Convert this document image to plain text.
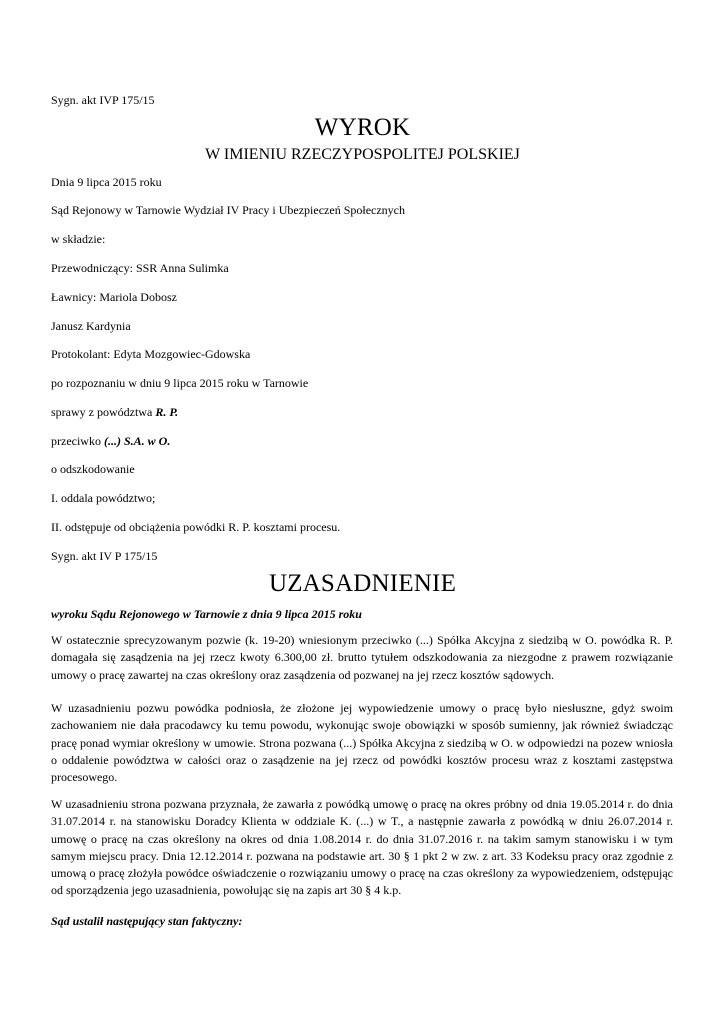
Sygn. akt IVP 175/15
WYROK
W IMIENIU RZECZYPOSPOLITEJ POLSKIEJ
Dnia 9 lipca 2015 roku
Sąd Rejonowy w Tarnowie Wydział IV Pracy i Ubezpieczeń Społecznych
w składzie:
Przewodniczący: SSR Anna Sulimka
Ławnicy: Mariola Dobosz
Janusz Kardynia
Protokolant: Edyta Mozgowiec-Gdowska
po rozpoznaniu w dniu 9 lipca 2015 roku w Tarnowie
sprawy z powództwa R. P.
przeciwko (...) S.A. w O.
o odszkodowanie
I. oddala powództwo;
II. odstępuje od obciążenia powódki R. P. kosztami procesu.
Sygn. akt IV P 175/15
UZASADNIENIE
wyroku Sądu Rejonowego w Tarnowie z dnia 9 lipca 2015 roku
W ostatecznie sprecyzowanym pozwie (k. 19-20) wniesionym przeciwko (...) Spółka Akcyjna z siedzibą w O. powódka R. P. domagała się zasądzenia na jej rzecz kwoty 6.300,00 zł. brutto tytułem odszkodowania za niezgodne z prawem rozwiązanie umowy o pracę zawartej na czas określony oraz zasądzenia od pozwanej na jej rzecz kosztów sądowych.
W uzasadnieniu pozwu powódka podniosła, że złożone jej wypowiedzenie umowy o pracę było niesłuszne, gdyż swoim zachowaniem nie dała pracodawcy ku temu powodu, wykonując swoje obowiązki w sposób sumienny, jak również świadcząc pracę ponad wymiar określony w umowie. Strona pozwana (...) Spółka Akcyjna z siedzibą w O. w odpowiedzi na pozew wniosła o oddalenie powództwa w całości oraz o zasądzenie na jej rzecz od powódki kosztów procesu wraz z kosztami zastępstwa procesowego.
W uzasadnieniu strona pozwana przyznała, że zawarła z powódką umowę o pracę na okres próbny od dnia 19.05.2014 r. do dnia 31.07.2014 r. na stanowisku Doradcy Klienta w oddziale K. (...) w T., a następnie zawarła z powódką w dniu 26.07.2014 r. umowę o pracę na czas określony na okres od dnia 1.08.2014 r. do dnia 31.07.2016 r. na takim samym stanowisku i w tym samym miejscu pracy. Dnia 12.12.2014 r. pozwana na podstawie art. 30 § 1 pkt 2 w zw. z art. 33 Kodeksu pracy oraz zgodnie z umową o pracę złożyła powódce oświadczenie o rozwiązaniu umowy o pracę na czas określony za wypowiedzeniem, odstępując od sporządzenia jego uzasadnienia, powołując się na zapis art 30 § 4 k.p.
Sąd ustalił następujący stan faktyczny:
